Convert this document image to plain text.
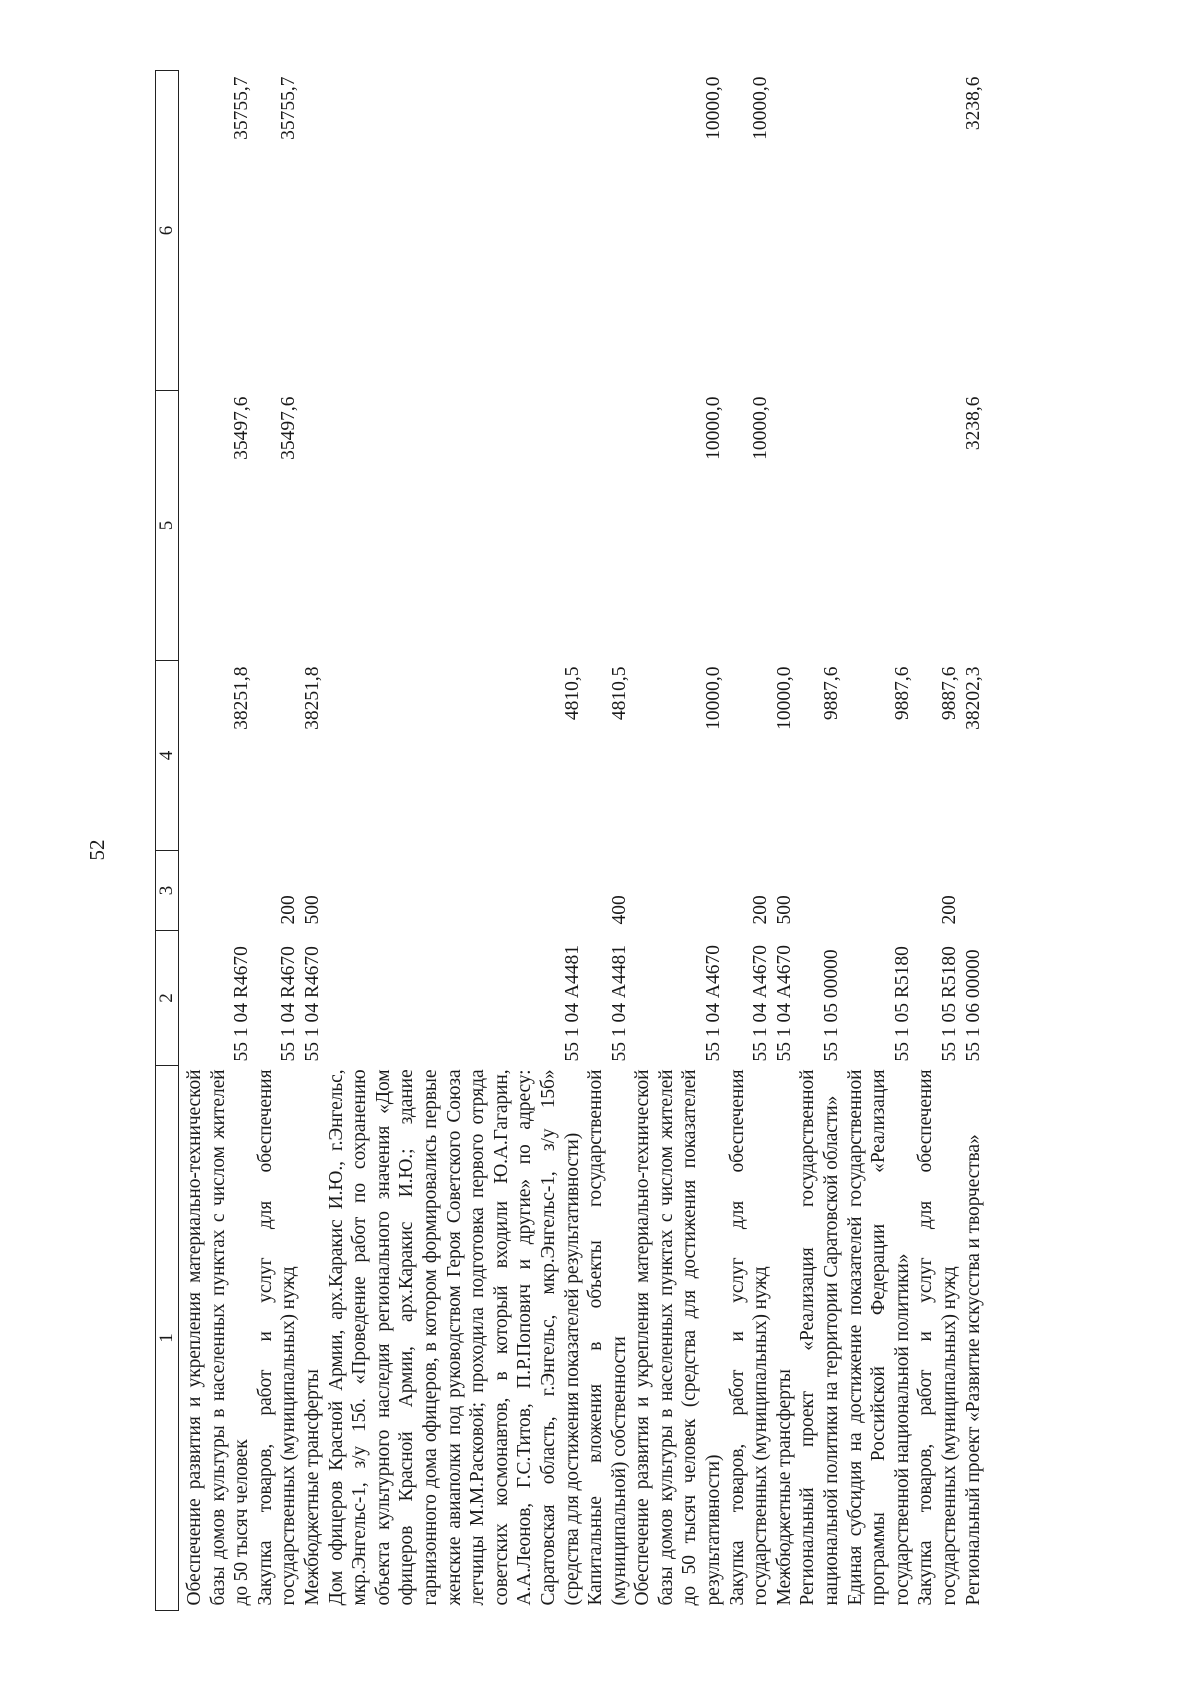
52
1	2	3	4	5	6
Обеспечение развития и укрепления материально-технической базы домов культуры в населенных пунктах с числом жителей до 50 тысяч человек	55 1 04 R4670		38251,8	35497,6	35755,7
Закупка товаров, работ и услуг для обеспечения государственных (муниципальных) нужд	55 1 04 R4670	200		35497,6	35755,7
Межбюджетные трансферты	55 1 04 R4670	500	38251,8		
Дом офицеров Красной Армии, арх.Каракис И.Ю., г.Энгельс, мкр.Энгельс-1, з/у 15б. «Проведение работ по сохранению объекта культурного наследия регионального значения «Дом офицеров Красной Армии, арх.Каракис И.Ю.; здание гарнизонного дома офицеров, в котором формировались первые женские авиаполки под руководством Героя Советского Союза летчицы М.М.Расковой; проходила подготовка первого отряда советских космонавтов, в который входили Ю.А.Гагарин, А.А.Леонов, Г.С.Титов, П.Р.Попович и другие» по адресу: Саратовская область, г.Энгельс, мкр.Энгельс-1, з/у 15б» (средства для достижения показателей результативности)	55 1 04 А4481		4810,5		
Капитальные вложения в объекты государственной (муниципальной) собственности	55 1 04 А4481	400	4810,5		
Обеспечение развития и укрепления материально-технической базы домов культуры в населенных пунктах с числом жителей до 50 тысяч человек (средства для достижения показателей результативности)	55 1 04 А4670		10000,0	10000,0	10000,0
Закупка товаров, работ и услуг для обеспечения государственных (муниципальных) нужд	55 1 04 А4670	200		10000,0	10000,0
Межбюджетные трансферты	55 1 04 А4670	500	10000,0		
Региональный проект «Реализация государственной национальной политики на территории Саратовской области»	55 1 05 00000		9887,6		
Единая субсидия на достижение показателей государственной программы Российской Федерации «Реализация государственной национальной политики»	55 1 05 R5180		9887,6		
Закупка товаров, работ и услуг для обеспечения государственных (муниципальных) нужд	55 1 05 R5180	200	9887,6		
Региональный проект «Развитие искусства и творчества»	55 1 06 00000		38202,3	3238,6	3238,6
